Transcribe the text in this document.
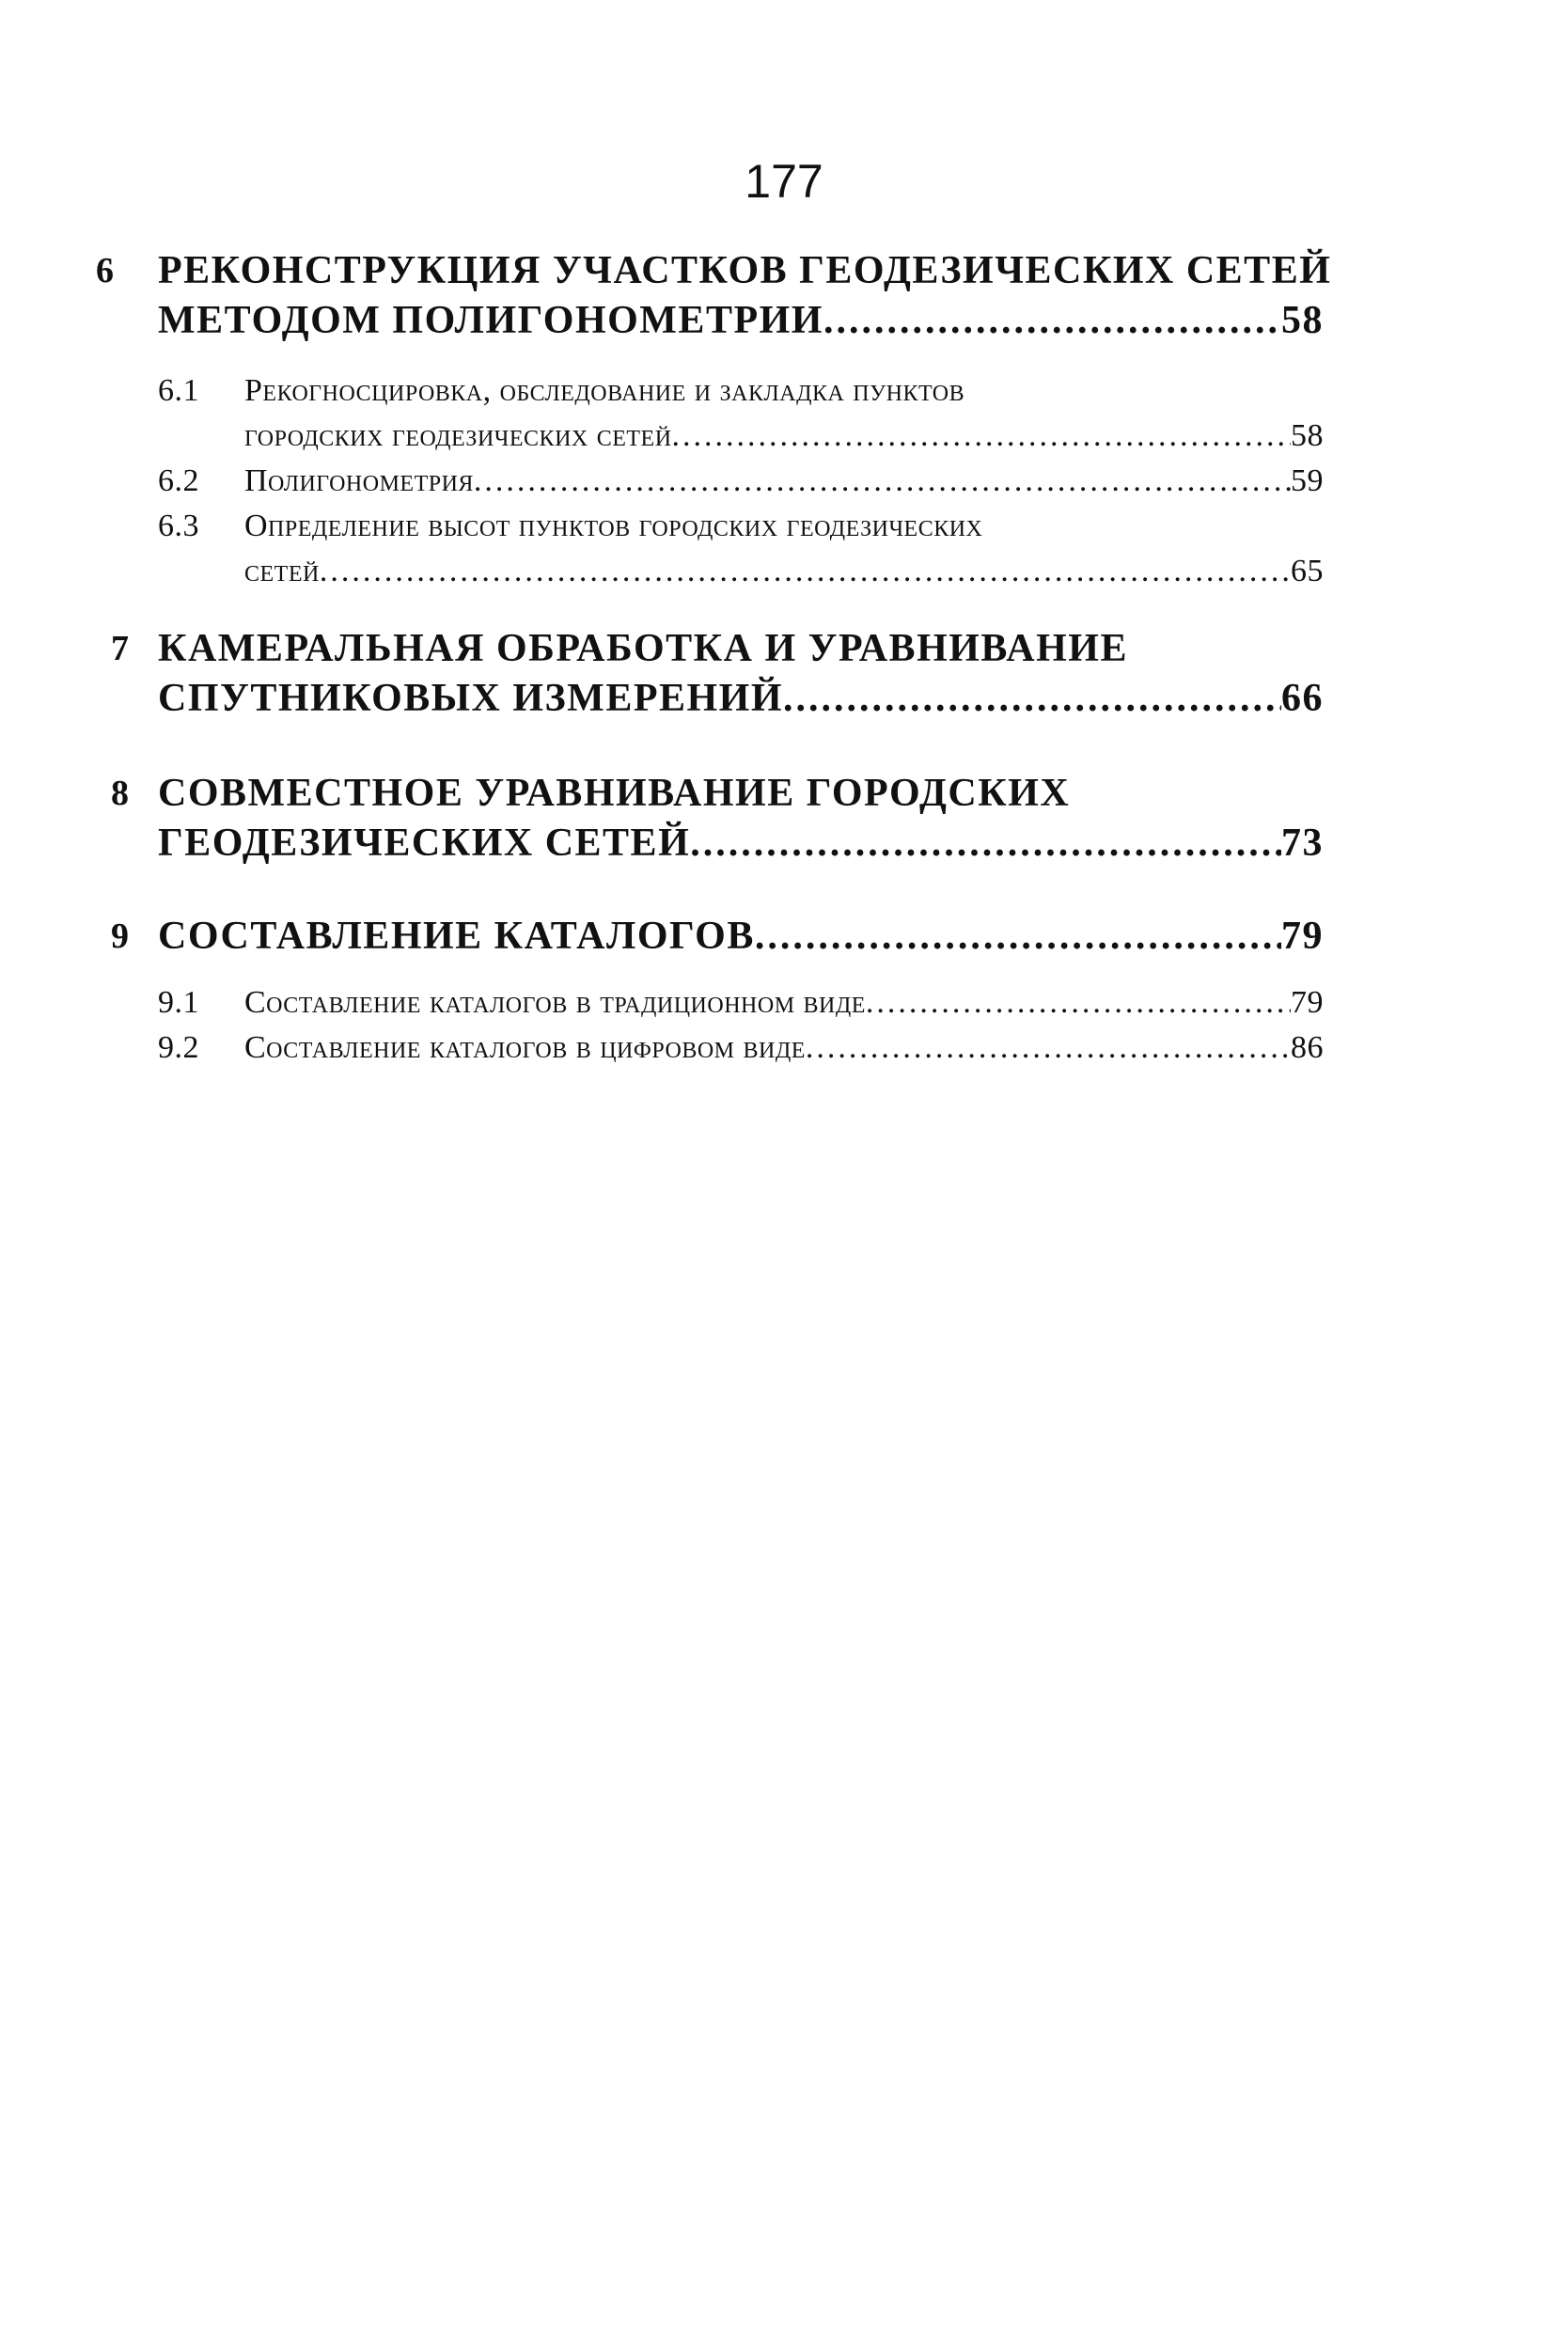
177
6	РЕКОНСТРУКЦИЯ УЧАСТКОВ ГЕОДЕЗИЧЕСКИХ СЕТЕЙ
МЕТОДОМ ПОЛИГОНОМЕТРИИ .....	58
6.1	Рекогносцировка, обследование и закладка пунктов
городских геодезических сетей .....	58
6.2	Полигонометрия .....	59
6.3	Определение высот пунктов городских геодезических
сетей .....	65
7 КАМЕРАЛЬНАЯ ОБРАБОТКА И УРАВНИВАНИЕ
СПУТНИКОВЫХ ИЗМЕРЕНИЙ .....	66
8 СОВМЕСТНОЕ УРАВНИВАНИЕ ГОРОДСКИХ
ГЕОДЕЗИЧЕСКИХ СЕТЕЙ .....	73
9 СОСТАВЛЕНИЕ КАТАЛОГОВ .....	79
9.1	Составление каталогов в традиционном виде .....	79
9.2	Составление каталогов в цифровом виде .....	86
